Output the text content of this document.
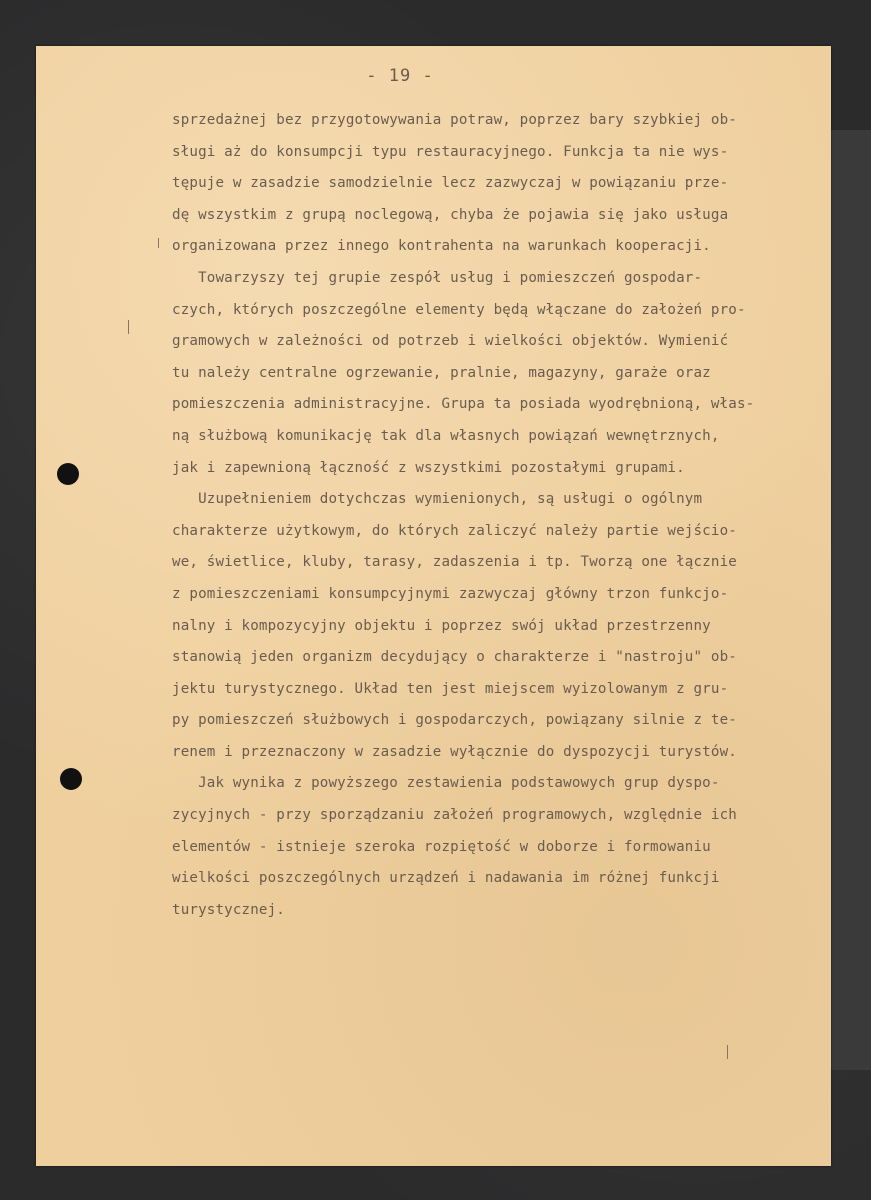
- 19 -
sprzedażnej bez przygotowywania potraw, poprzez bary szybkiej ob-
sługi aż do konsumpcji typu restauracyjnego. Funkcja ta nie wys-
tępuje w zasadzie samodzielnie lecz zazwyczaj w powiązaniu prze-
dę wszystkim z grupą noclegową, chyba że pojawia się jako usługa
organizowana przez innego kontrahenta na warunkach kooperacji.
Towarzyszy tej grupie zespół usług i pomieszczeń gospodar-
czych, których poszczególne elementy będą włączane do założeń pro-
gramowych w zależności od potrzeb i wielkości objektów. Wymienić
tu należy centralne ogrzewanie, pralnie, magazyny, garaże oraz
pomieszczenia administracyjne. Grupa ta posiada wyodrębnioną, włas-
ną służbową komunikację tak dla własnych powiązań wewnętrznych,
jak i zapewnioną łączność z wszystkimi pozostałymi grupami.
Uzupełnieniem dotychczas wymienionych, są usługi o ogólnym
charakterze użytkowym, do których zaliczyć należy partie wejścio-
we, świetlice, kluby, tarasy, zadaszenia i tp. Tworzą one łącznie
z pomieszczeniami konsumpcyjnymi zazwyczaj główny trzon funkcjo-
nalny i kompozycyjny objektu i poprzez swój układ przestrzenny
stanowią jeden organizm decydujący o charakterze i "nastroju" ob-
jektu turystycznego. Układ ten jest miejscem wyizolowanym z gru-
py pomieszczeń służbowych i gospodarczych, powiązany silnie z te-
renem i przeznaczony w zasadzie wyłącznie do dyspozycji turystów.
Jak wynika z powyższego zestawienia podstawowych grup dyspo-
zycyjnych - przy sporządzaniu założeń programowych, względnie ich
elementów - istnieje szeroka rozpiętość w doborze i formowaniu
wielkości poszczególnych urządzeń i nadawania im różnej funkcji
turystycznej.
